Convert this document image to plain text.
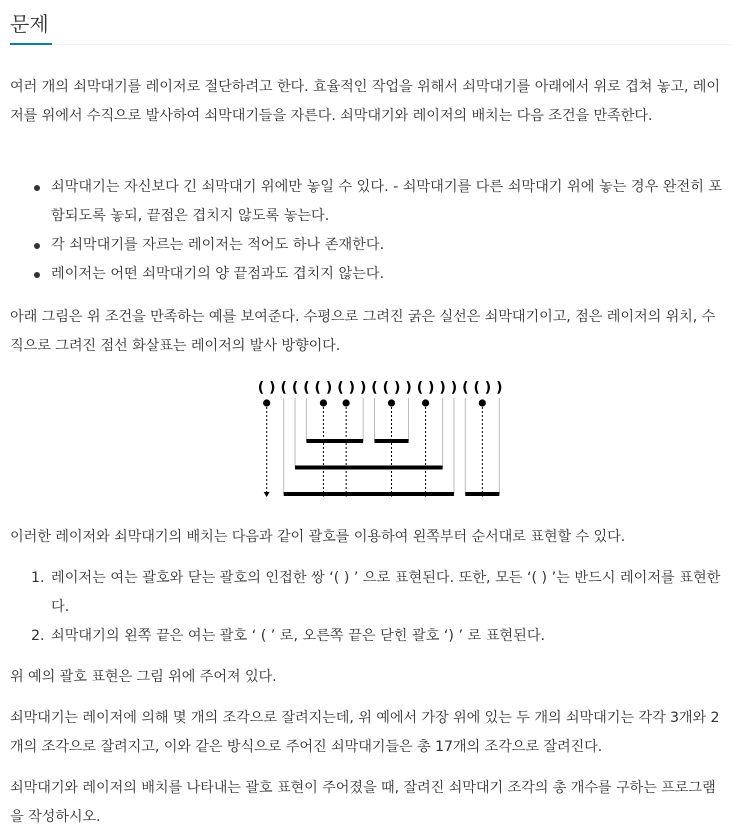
문제

여러 개의 쇠막대기를 레이저로 절단하려고 한다. 효율적인 작업을 위해서 쇠막대기를 아래에서 위로 겹쳐 놓고, 레이저를 위에서 수직으로 발사하여 쇠막대기들을 자른다. 쇠막대기와 레이저의 배치는 다음 조건을 만족한다.

쇠막대기는 자신보다 긴 쇠막대기 위에만 놓일 수 있다. - 쇠막대기를 다른 쇠막대기 위에 놓는 경우 완전히 포함되도록 놓되, 끝점은 겹치지 않도록 놓는다.
각 쇠막대기를 자르는 레이저는 적어도 하나 존재한다.
레이저는 어떤 쇠막대기의 양 끝점과도 겹치지 않는다.

아래 그림은 위 조건을 만족하는 예를 보여준다. 수평으로 그려진 굵은 실선은 쇠막대기이고, 점은 레이저의 위치, 수직으로 그려진 점선 화살표는 레이저의 발사 방향이다.

( ) ( ( ( ( ) ( ) ) ( ( ) ) ( ) ) ) ( ( ) )

이러한 레이저와 쇠막대기의 배치는 다음과 같이 괄호를 이용하여 왼쪽부터 순서대로 표현할 수 있다.

1. 레이저는 여는 괄호와 닫는 괄호의 인접한 쌍 ‘( ) ’ 으로 표현된다. 또한, 모든 ‘( ) ’는 반드시 레이저를 표현한다.
2. 쇠막대기의 왼쪽 끝은 여는 괄호 ‘ ( ’ 로, 오른쪽 끝은 닫힌 괄호 ‘) ’ 로 표현된다.

위 예의 괄호 표현은 그림 위에 주어져 있다.

쇠막대기는 레이저에 의해 몇 개의 조각으로 잘려지는데, 위 예에서 가장 위에 있는 두 개의 쇠막대기는 각각 3개와 2개의 조각으로 잘려지고, 이와 같은 방식으로 주어진 쇠막대기들은 총 17개의 조각으로 잘려진다.

쇠막대기와 레이저의 배치를 나타내는 괄호 표현이 주어졌을 때, 잘려진 쇠막대기 조각의 총 개수를 구하는 프로그램을 작성하시오.
